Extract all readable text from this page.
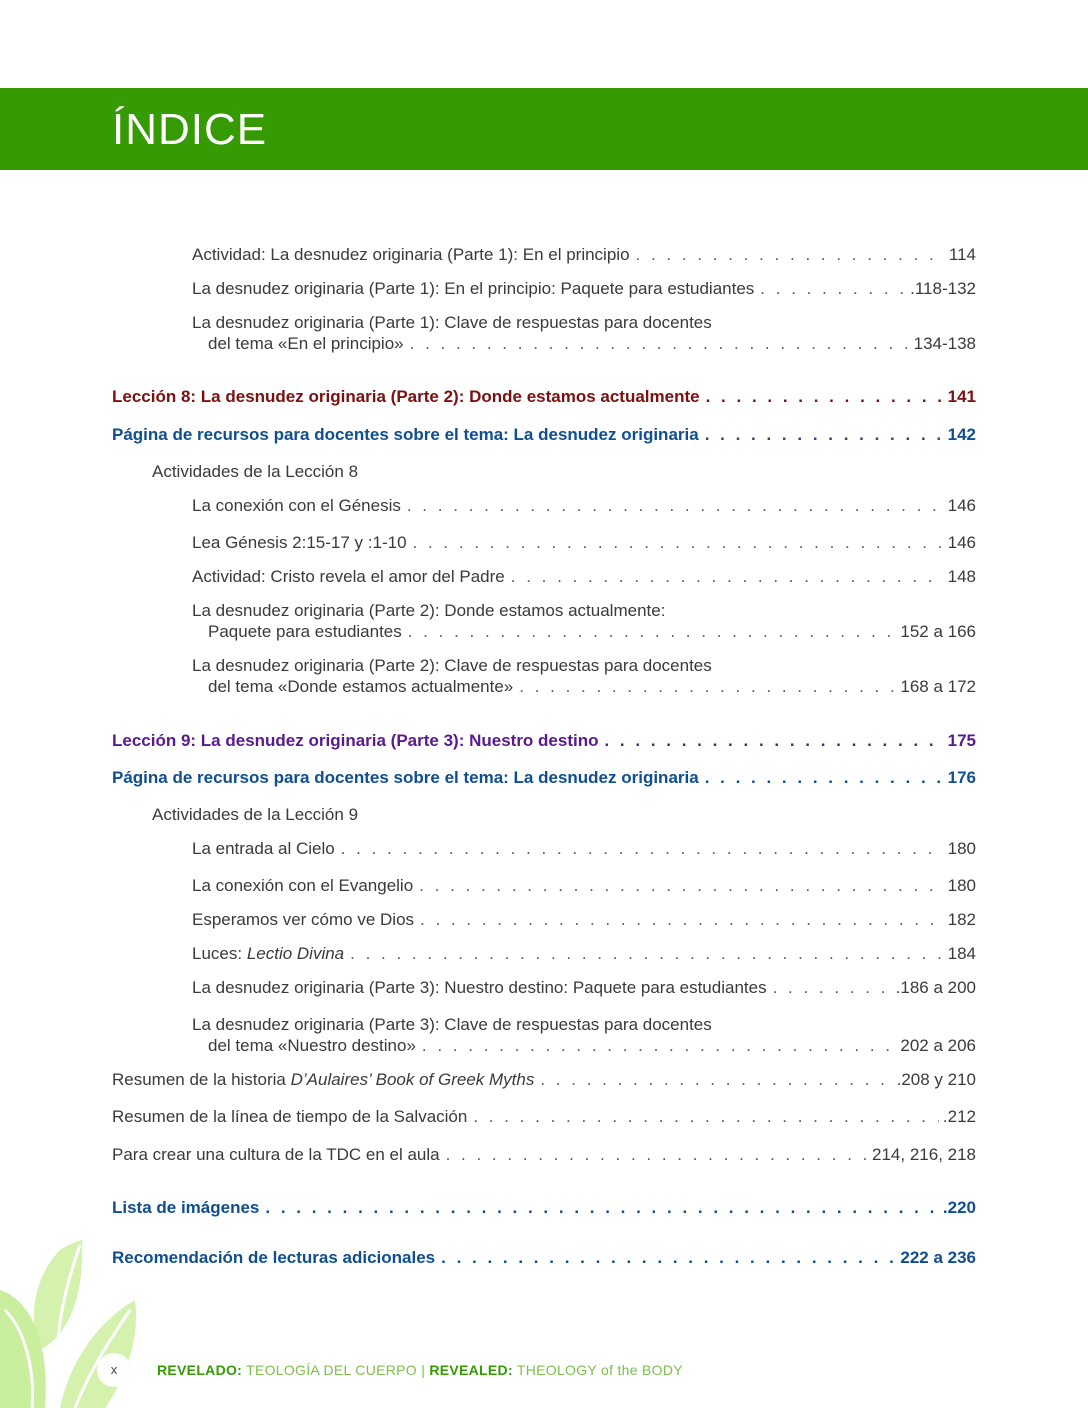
ÍNDICE
Actividad: La desnudez originaria (Parte 1): En el principio . . .	114
La desnudez originaria (Parte 1): En el principio: Paquete para estudiantes . . .	.118-132
La desnudez originaria (Parte 1): Clave de respuestas para docentes
del tema «En el principio» . . .	134-138
Lección 8: La desnudez originaria (Parte 2): Donde estamos actualmente . . .	141
Página de recursos para docentes sobre el tema: La desnudez originaria . . .	142
Actividades de la Lección 8
La conexión con el Génesis . . .	146
Lea Génesis 2:15-17 y :1-10 . . .	146
Actividad: Cristo revela el amor del Padre . . .	148
La desnudez originaria (Parte 2): Donde estamos actualmente:
Paquete para estudiantes . . .	152 a 166
La desnudez originaria (Parte 2): Clave de respuestas para docentes
del tema «Donde estamos actualmente» . . .	168 a 172
Lección 9: La desnudez originaria (Parte 3): Nuestro destino . . .	175
Página de recursos para docentes sobre el tema: La desnudez originaria . . .	176
Actividades de la Lección 9
La entrada al Cielo . . .	180
La conexión con el Evangelio . . .	180
Esperamos ver cómo ve Dios . . .	182
Luces: Lectio Divina . . .	184
La desnudez originaria (Parte 3): Nuestro destino: Paquete para estudiantes . . .	.186 a 200
La desnudez originaria (Parte 3): Clave de respuestas para docentes
del tema «Nuestro destino» . . .	202 a 206
Resumen de la historia D’Aulaires’ Book of Greek Myths . . .	.208 y 210
Resumen de la línea de tiempo de la Salvación . . .	.212
Para crear una cultura de la TDC en el aula . . .	214, 216, 218
Lista de imágenes . . .	.220
Recomendación de lecturas adicionales . . .	222 a 236
x	REVELADO: TEOLOGÍA DEL CUERPO | REVEALED: THEOLOGY of the BODY
